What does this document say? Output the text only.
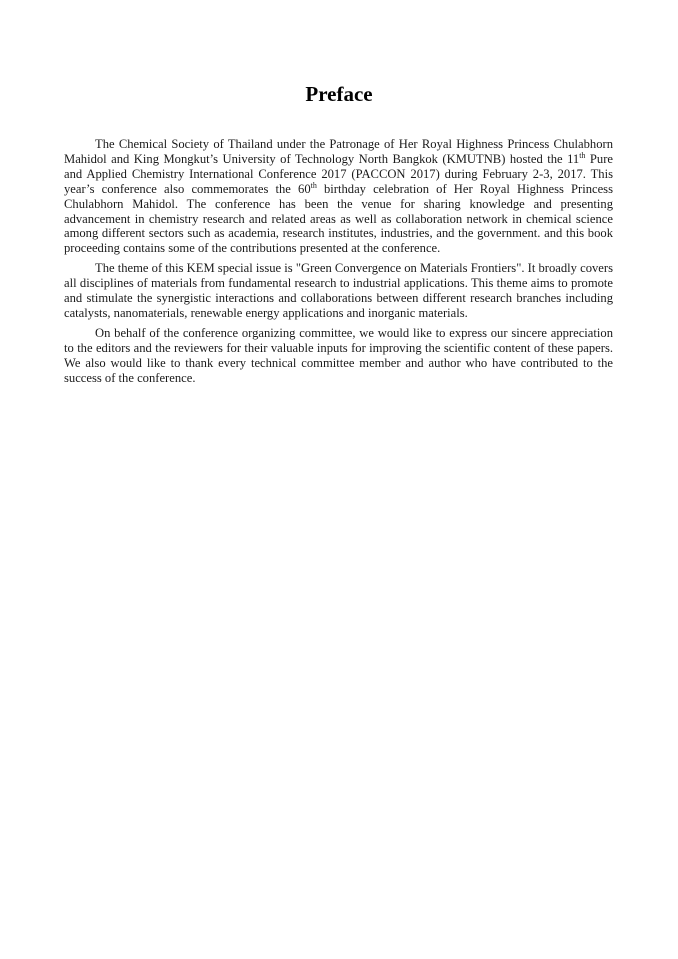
Preface

The Chemical Society of Thailand under the Patronage of Her Royal Highness Princess Chulabhorn Mahidol and King Mongkut’s University of Technology North Bangkok (KMUTNB) hosted the 11th Pure and Applied Chemistry International Conference 2017 (PACCON 2017) during February 2-3, 2017. This year’s conference also commemorates the 60th birthday celebration of Her Royal Highness Princess Chulabhorn Mahidol. The conference has been the venue for sharing knowledge and presenting advancement in chemistry research and related areas as well as collaboration network in chemical science among different sectors such as academia, research institutes, industries, and the government. and this book proceeding contains some of the contributions presented at the conference.

The theme of this KEM special issue is "Green Convergence on Materials Frontiers". It broadly covers all disciplines of materials from fundamental research to industrial applications. This theme aims to promote and stimulate the synergistic interactions and collaborations between different research branches including catalysts, nanomaterials, renewable energy applications and inorganic materials.

On behalf of the conference organizing committee, we would like to express our sincere appreciation to the editors and the reviewers for their valuable inputs for improving the scientific content of these papers. We also would like to thank every technical committee member and author who have contributed to the success of the conference.
